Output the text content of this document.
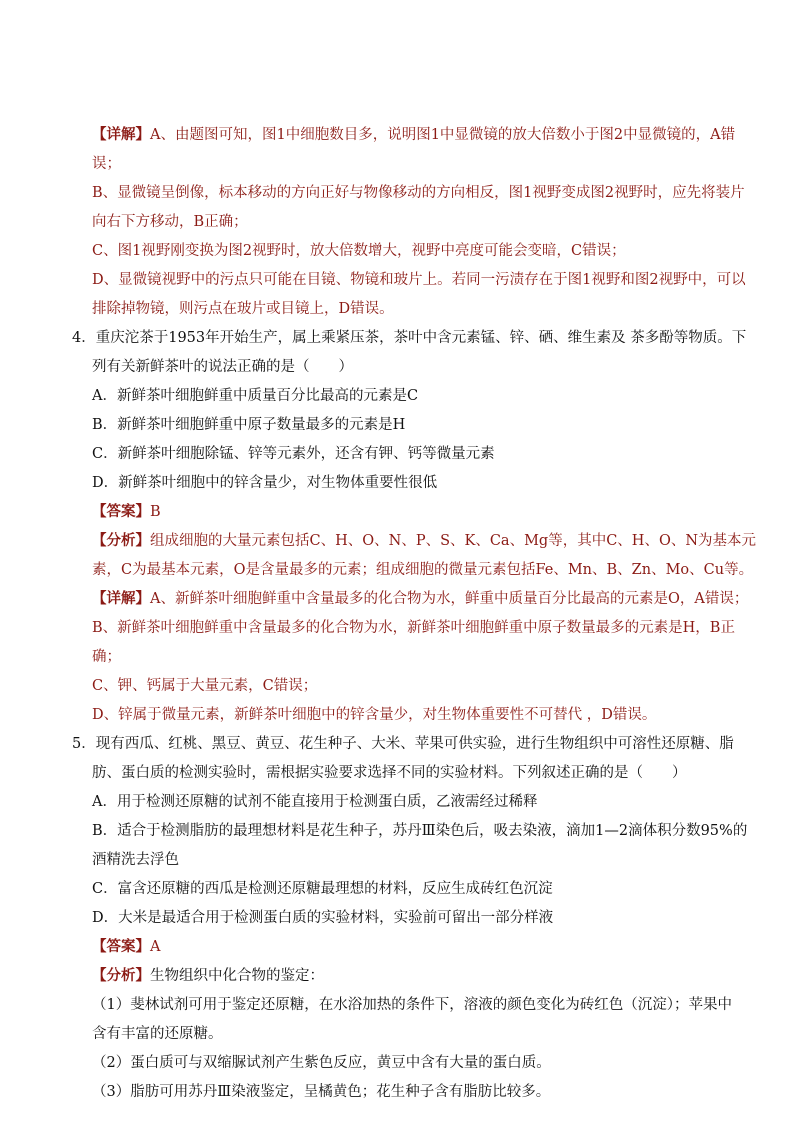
【详解】A、由题图可知，图1中细胞数目多，说明图1中显微镜的放大倍数小于图2中显微镜的，A错
误；
B、显微镜呈倒像，标本移动的方向正好与物像移动的方向相反，图1视野变成图2视野时，应先将装片
向右下方移动，B正确；
C、图1视野刚变换为图2视野时，放大倍数增大，视野中亮度可能会变暗，C错误；
D、显微镜视野中的污点只可能在目镜、物镜和玻片上。若同一污渍存在于图1视野和图2视野中，可以
排除掉物镜，则污点在玻片或目镜上，D错误。
4．重庆沱茶于1953年开始生产，属上乘紧压茶，茶叶中含元素锰、锌、硒、维生素及 茶多酚等物质。下
列有关新鲜茶叶的说法正确的是（　　）
A．新鲜茶叶细胞鲜重中质量百分比最高的元素是C
B．新鲜茶叶细胞鲜重中原子数量最多的元素是H
C．新鲜茶叶细胞除锰、锌等元素外，还含有钾、钙等微量元素
D．新鲜茶叶细胞中的锌含量少，对生物体重要性很低
【答案】B
【分析】组成细胞的大量元素包括C、H、O、N、P、S、K、Ca、Mg等，其中C、H、O、N为基本元
素，C为最基本元素，O是含量最多的元素；组成细胞的微量元素包括Fe、Mn、B、Zn、Mo、Cu等。
【详解】A、新鲜茶叶细胞鲜重中含量最多的化合物为水，鲜重中质量百分比最高的元素是O，A错误；
B、新鲜茶叶细胞鲜重中含量最多的化合物为水，新鲜茶叶细胞鲜重中原子数量最多的元素是H，B正
确；
C、钾、钙属于大量元素，C错误；
D、锌属于微量元素，新鲜茶叶细胞中的锌含量少，对生物体重要性不可替代 ，D错误。
5．现有西瓜、红桃、黑豆、黄豆、花生种子、大米、苹果可供实验，进行生物组织中可溶性还原糖、脂
肪、蛋白质的检测实验时，需根据实验要求选择不同的实验材料。下列叙述正确的是（　　）
A．用于检测还原糖的试剂不能直接用于检测蛋白质，乙液需经过稀释
B．适合于检测脂肪的最理想材料是花生种子，苏丹Ⅲ染色后，吸去染液，滴加1—2滴体积分数95%的
酒精洗去浮色
C．富含还原糖的西瓜是检测还原糖最理想的材料，反应生成砖红色沉淀
D．大米是最适合用于检测蛋白质的实验材料，实验前可留出一部分样液
【答案】A
【分析】生物组织中化合物的鉴定：
（1）斐林试剂可用于鉴定还原糖，在水浴加热的条件下，溶液的颜色变化为砖红色（沉淀）；苹果中
含有丰富的还原糖。
（2）蛋白质可与双缩脲试剂产生紫色反应，黄豆中含有大量的蛋白质。
（3）脂肪可用苏丹Ⅲ染液鉴定，呈橘黄色；花生种子含有脂肪比较多。
